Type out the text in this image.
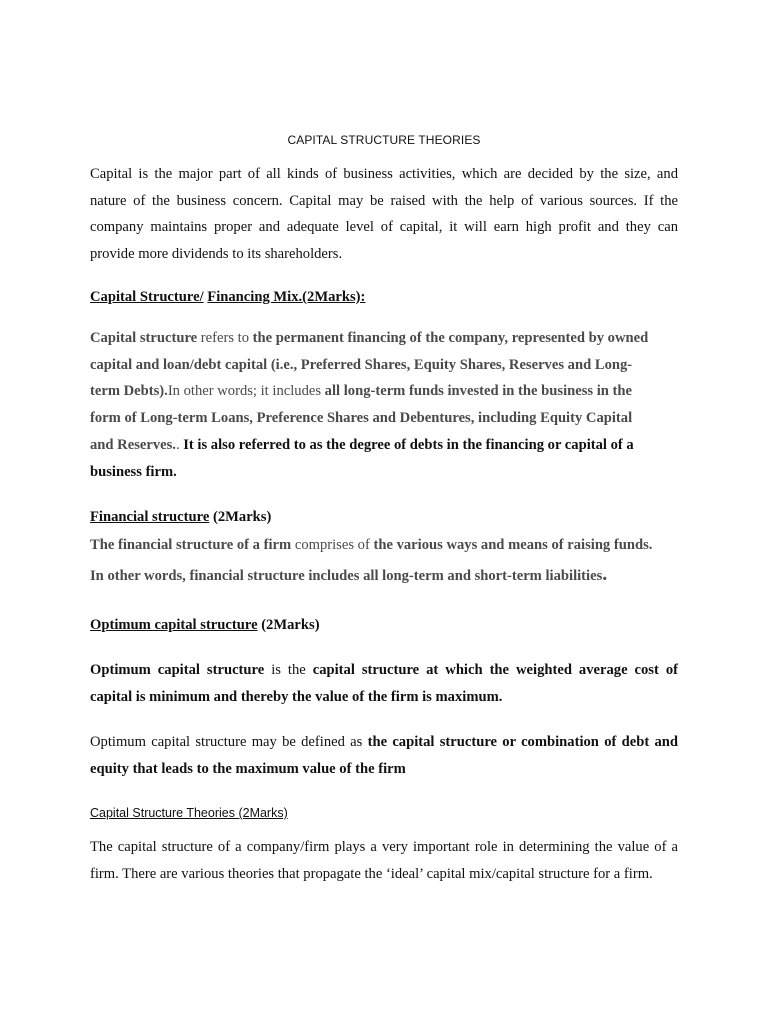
CAPITAL STRUCTURE THEORIES
Capital is the major part of all kinds of business activities, which are decided by the size, and
nature of the business concern. Capital may be raised with the help of various sources. If the
company maintains proper and adequate level of capital, it will earn high profit and they can
provide more dividends to its shareholders.
Capital Structure/ Financing Mix.(2Marks):
Capital structure refers to the permanent financing of the company, represented by owned
capital and loan/debt capital (i.e., Preferred Shares, Equity Shares, Reserves and Long-
term Debts).In other words; it includes all long-term funds invested in the business in the
form of Long-term Loans, Preference Shares and Debentures, including Equity Capital
and Reserves.. It is also referred to as the degree of debts in the financing or capital of a
business firm.
Financial structure (2Marks)
The financial structure of a firm comprises of the various ways and means of raising funds.
In other words, financial structure includes all long-term and short-term liabilities.
Optimum capital structure (2Marks)
Optimum capital structure is the capital structure at which the weighted average cost of
capital is minimum and thereby the value of the firm is maximum.
Optimum capital structure may be defined as the capital structure or combination of debt and
equity that leads to the maximum value of the firm
Capital Structure Theories (2Marks)
The capital structure of a company/firm plays a very important role in determining the value of a
firm. There are various theories that propagate the ‘ideal’ capital mix/capital structure for a firm.
